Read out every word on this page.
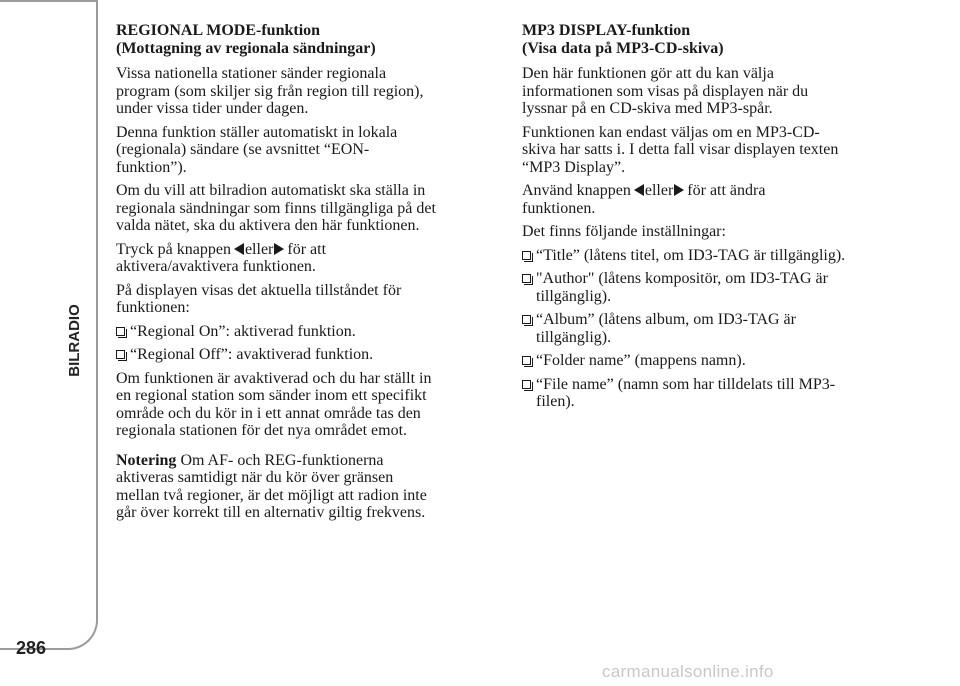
BILRADIO
286
REGIONAL MODE-funktion
(Mottagning av regionala sändningar)
Vissa nationella stationer sänder regionala
program (som skiljer sig från region till region),
under vissa tider under dagen.
Denna funktion ställer automatiskt in lokala
(regionala) sändare (se avsnittet “EON-
funktion”).
Om du vill att bilradion automatiskt ska ställa in
regionala sändningar som finns tillgängliga på det
valda nätet, ska du aktivera den här funktionen.
Tryck på knappen eller för att
aktivera/avaktivera funktionen.
På displayen visas det aktuella tillståndet för
funktionen:
“Regional On”: aktiverad funktion.
“Regional Off”: avaktiverad funktion.
Om funktionen är avaktiverad och du har ställt in
en regional station som sänder inom ett specifikt
område och du kör in i ett annat område tas den
regionala stationen för det nya området emot.
Notering Om AF- och REG-funktionerna
aktiveras samtidigt när du kör över gränsen
mellan två regioner, är det möjligt att radion inte
går över korrekt till en alternativ giltig frekvens.
MP3 DISPLAY-funktion
(Visa data på MP3-CD-skiva)
Den här funktionen gör att du kan välja
informationen som visas på displayen när du
lyssnar på en CD-skiva med MP3-spår.
Funktionen kan endast väljas om en MP3-CD-
skiva har satts i. I detta fall visar displayen texten
“MP3 Display”.
Använd knappen eller för att ändra
funktionen.
Det finns följande inställningar:
“Title” (låtens titel, om ID3-TAG är tillgänglig).
"Author" (låtens kompositör, om ID3-TAG är
tillgänglig).
“Album” (låtens album, om ID3-TAG är
tillgänglig).
“Folder name” (mappens namn).
“File name” (namn som har tilldelats till MP3-
filen).
carmanualsonline.info
